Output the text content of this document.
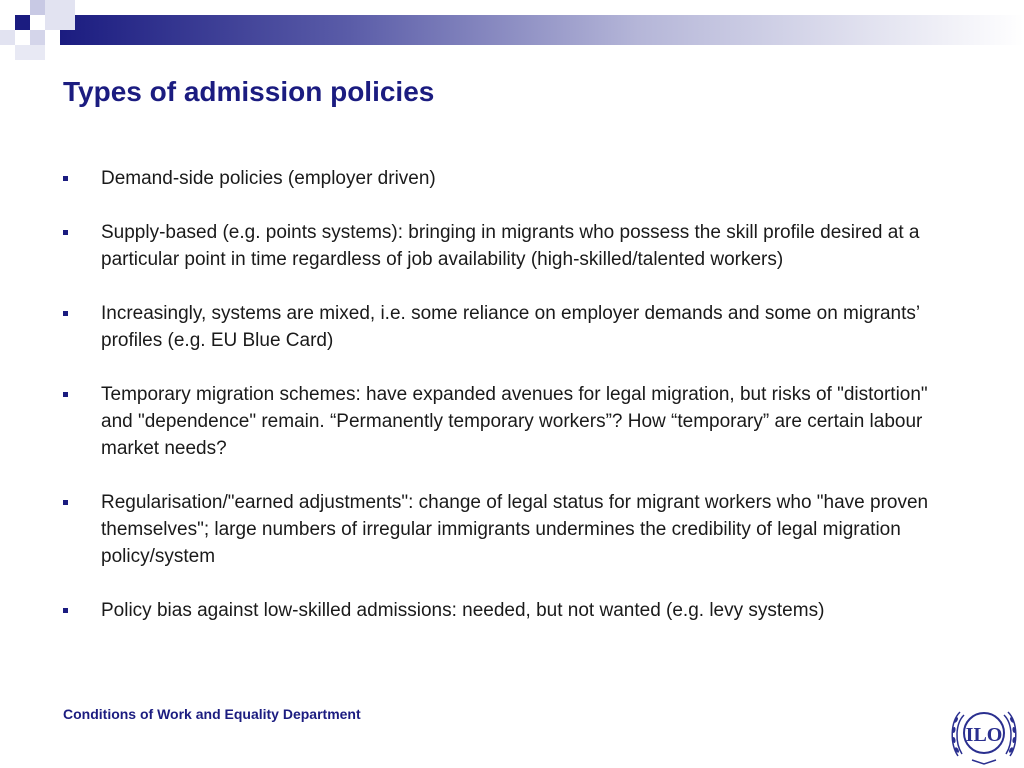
Types of admission policies
Demand-side policies (employer driven)
Supply-based (e.g. points systems): bringing in migrants who possess the skill profile desired at a particular point in time regardless of job availability (high-skilled/talented workers)
Increasingly, systems are mixed, i.e. some reliance on employer demands and some on migrants’ profiles (e.g. EU Blue Card)
Temporary migration schemes: have expanded avenues for legal migration, but risks of "distortion" and "dependence" remain. “Permanently temporary workers”? How “temporary” are certain labour market needs?
Regularisation/"earned adjustments": change of legal status for migrant workers who "have proven themselves"; large numbers of irregular immigrants undermines the credibility of legal migration policy/system
Policy bias against low-skilled admissions: needed, but not wanted (e.g. levy systems)
Conditions of Work and Equality Department
ILO
